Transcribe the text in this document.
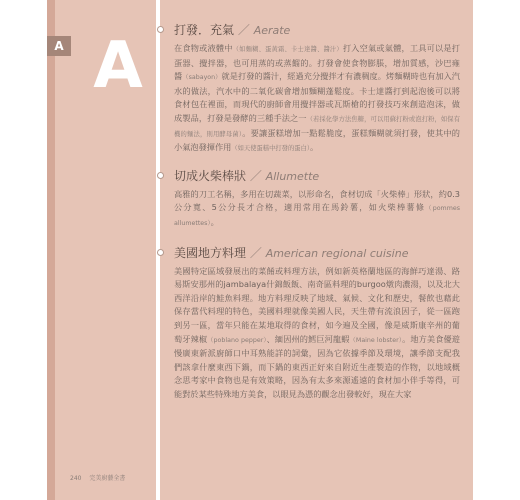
A A	打發．充氣 ／ Aerate
在食物或液體中（如麵糊、蛋黃霜、卡士達醬、醬汁）打入空氣或氣體，工具可以是打蛋器、攪拌器，也可用蒸的或蒸餾的。打發會使食物膨脹，增加質感，沙巴雍醬（sabayon）就是打發的醬汁，經過充分攪拌才有濃稠度。烤麵糊時也有加入汽水的做法，汽水中的二氧化碳會增加麵糊蓬鬆度。卡士達醬打到起泡後可以將食材包在裡面，而現代的廚師會用攪拌器或瓦斯槍的打發技巧來創造泡沫，做成製品，打發是發酵的三種手法之一（若採化學方法焦糖，可以用蘇打粉或泡打粉，如保有機的麵法，則用酵母菌）。要讓蛋糕增加一點鬆脆度，蛋糕麵糊就須打發，使其中的小氣泡發揮作用（如天使蛋糕中打發的蛋白）。
切成火柴棒狀 ／ Allumette
高雅的刀工名稱，多用在切蔬菜，以形命名，食材切成「火柴棒」形狀，約0.3公分寬、5公分長才合格，適用常用在馬鈴薯，如火柴棒薯條（pommes allumettes）。
美國地方料理 ／ American regional cuisine
美國特定區域發展出的菜餚或料理方法，例如新英格蘭地區的海鮮巧達湯、路易斯安那州的jambalaya什錦飯飯、南奇區料理的burgoo燉肉濃湯，以及北大西洋沿岸的鮭魚料理。地方料理反映了地域、氣候、文化和歷史，餐飲也藉此保存當代料理的特色，美國料理就像美國人民，天生帶有流浪因子，從一區跑到另一區，當年只能在某地取得的食材，如今遍及全國，像是威斯康辛州的葡萄牙辣椒（poblano pepper）、緬因州的鱈巨河龍蝦（Maine lobster）。地方美食優遊慢廣東新派廚師口中耳熟能詳的詞彙，因為它依據季節及環境，讓季節支配我們該拿什麼東西下鍋，而下鍋的東西正好來自附近生產製造的作物，以地域概念思考家中食物也是有效策略，因為有太多來源遙遠的食材加小伴手等得，可能對於某些特殊地方美食，以眼見為憑的觀念出發較好，現在大家
240 完美廚藝全書
